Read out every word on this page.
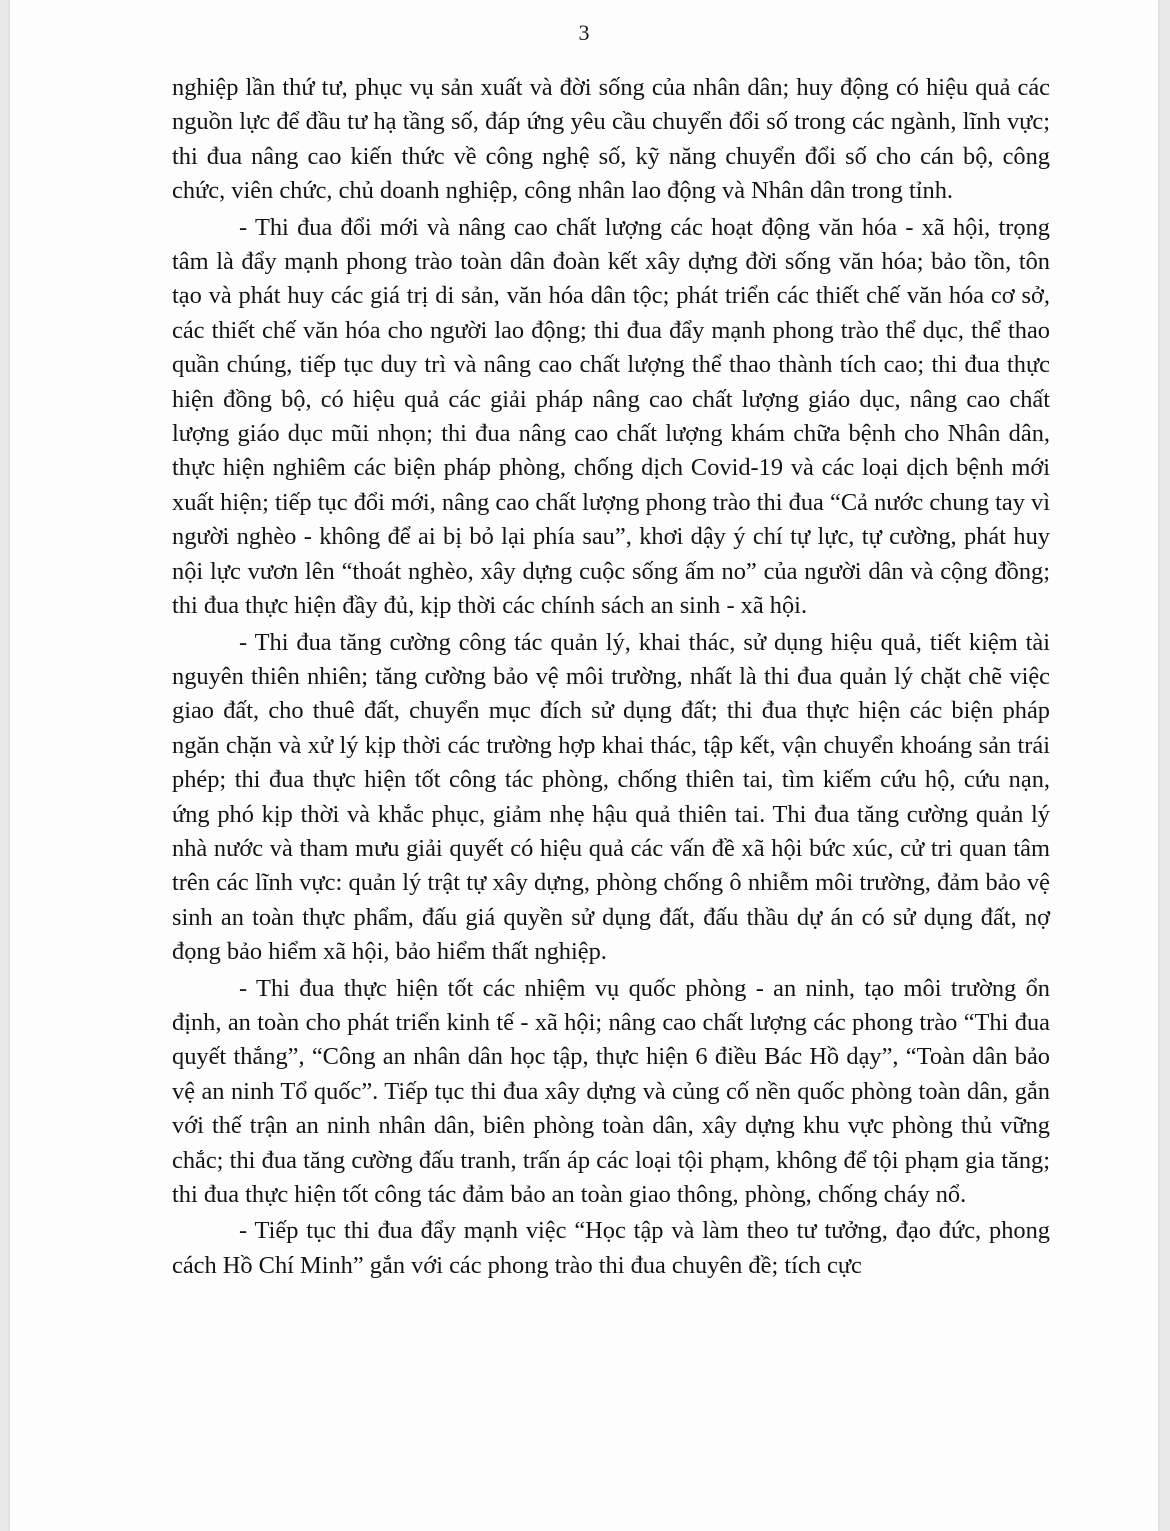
3

nghiệp lần thứ tư, phục vụ sản xuất và đời sống của nhân dân; huy động có hiệu quả các nguồn lực để đầu tư hạ tầng số, đáp ứng yêu cầu chuyển đổi số trong các ngành, lĩnh vực; thi đua nâng cao kiến thức về công nghệ số, kỹ năng chuyển đổi số cho cán bộ, công chức, viên chức, chủ doanh nghiệp, công nhân lao động và Nhân dân trong tỉnh.

- Thi đua đổi mới và nâng cao chất lượng các hoạt động văn hóa - xã hội, trọng tâm là đẩy mạnh phong trào toàn dân đoàn kết xây dựng đời sống văn hóa; bảo tồn, tôn tạo và phát huy các giá trị di sản, văn hóa dân tộc; phát triển các thiết chế văn hóa cơ sở, các thiết chế văn hóa cho người lao động; thi đua đẩy mạnh phong trào thể dục, thể thao quần chúng, tiếp tục duy trì và nâng cao chất lượng thể thao thành tích cao; thi đua thực hiện đồng bộ, có hiệu quả các giải pháp nâng cao chất lượng giáo dục, nâng cao chất lượng giáo dục mũi nhọn; thi đua nâng cao chất lượng khám chữa bệnh cho Nhân dân, thực hiện nghiêm các biện pháp phòng, chống dịch Covid-19 và các loại dịch bệnh mới xuất hiện; tiếp tục đổi mới, nâng cao chất lượng phong trào thi đua “Cả nước chung tay vì người nghèo - không để ai bị bỏ lại phía sau”, khơi dậy ý chí tự lực, tự cường, phát huy nội lực vươn lên “thoát nghèo, xây dựng cuộc sống ấm no” của người dân và cộng đồng; thi đua thực hiện đầy đủ, kịp thời các chính sách an sinh - xã hội.

- Thi đua tăng cường công tác quản lý, khai thác, sử dụng hiệu quả, tiết kiệm tài nguyên thiên nhiên; tăng cường bảo vệ môi trường, nhất là thi đua quản lý chặt chẽ việc giao đất, cho thuê đất, chuyển mục đích sử dụng đất; thi đua thực hiện các biện pháp ngăn chặn và xử lý kịp thời các trường hợp khai thác, tập kết, vận chuyển khoáng sản trái phép; thi đua thực hiện tốt công tác phòng, chống thiên tai, tìm kiếm cứu hộ, cứu nạn, ứng phó kịp thời và khắc phục, giảm nhẹ hậu quả thiên tai. Thi đua tăng cường quản lý nhà nước và tham mưu giải quyết có hiệu quả các vấn đề xã hội bức xúc, cử tri quan tâm trên các lĩnh vực: quản lý trật tự xây dựng, phòng chống ô nhiễm môi trường, đảm bảo vệ sinh an toàn thực phẩm, đấu giá quyền sử dụng đất, đấu thầu dự án có sử dụng đất, nợ đọng bảo hiểm xã hội, bảo hiểm thất nghiệp.

- Thi đua thực hiện tốt các nhiệm vụ quốc phòng - an ninh, tạo môi trường ổn định, an toàn cho phát triển kinh tế - xã hội; nâng cao chất lượng các phong trào “Thi đua quyết thắng”, “Công an nhân dân học tập, thực hiện 6 điều Bác Hồ dạy”, “Toàn dân bảo vệ an ninh Tổ quốc”. Tiếp tục thi đua xây dựng và củng cố nền quốc phòng toàn dân, gắn với thế trận an ninh nhân dân, biên phòng toàn dân, xây dựng khu vực phòng thủ vững chắc; thi đua tăng cường đấu tranh, trấn áp các loại tội phạm, không để tội phạm gia tăng; thi đua thực hiện tốt công tác đảm bảo an toàn giao thông, phòng, chống cháy nổ.

- Tiếp tục thi đua đẩy mạnh việc “Học tập và làm theo tư tưởng, đạo đức, phong cách Hồ Chí Minh” gắn với các phong trào thi đua chuyên đề; tích cực
